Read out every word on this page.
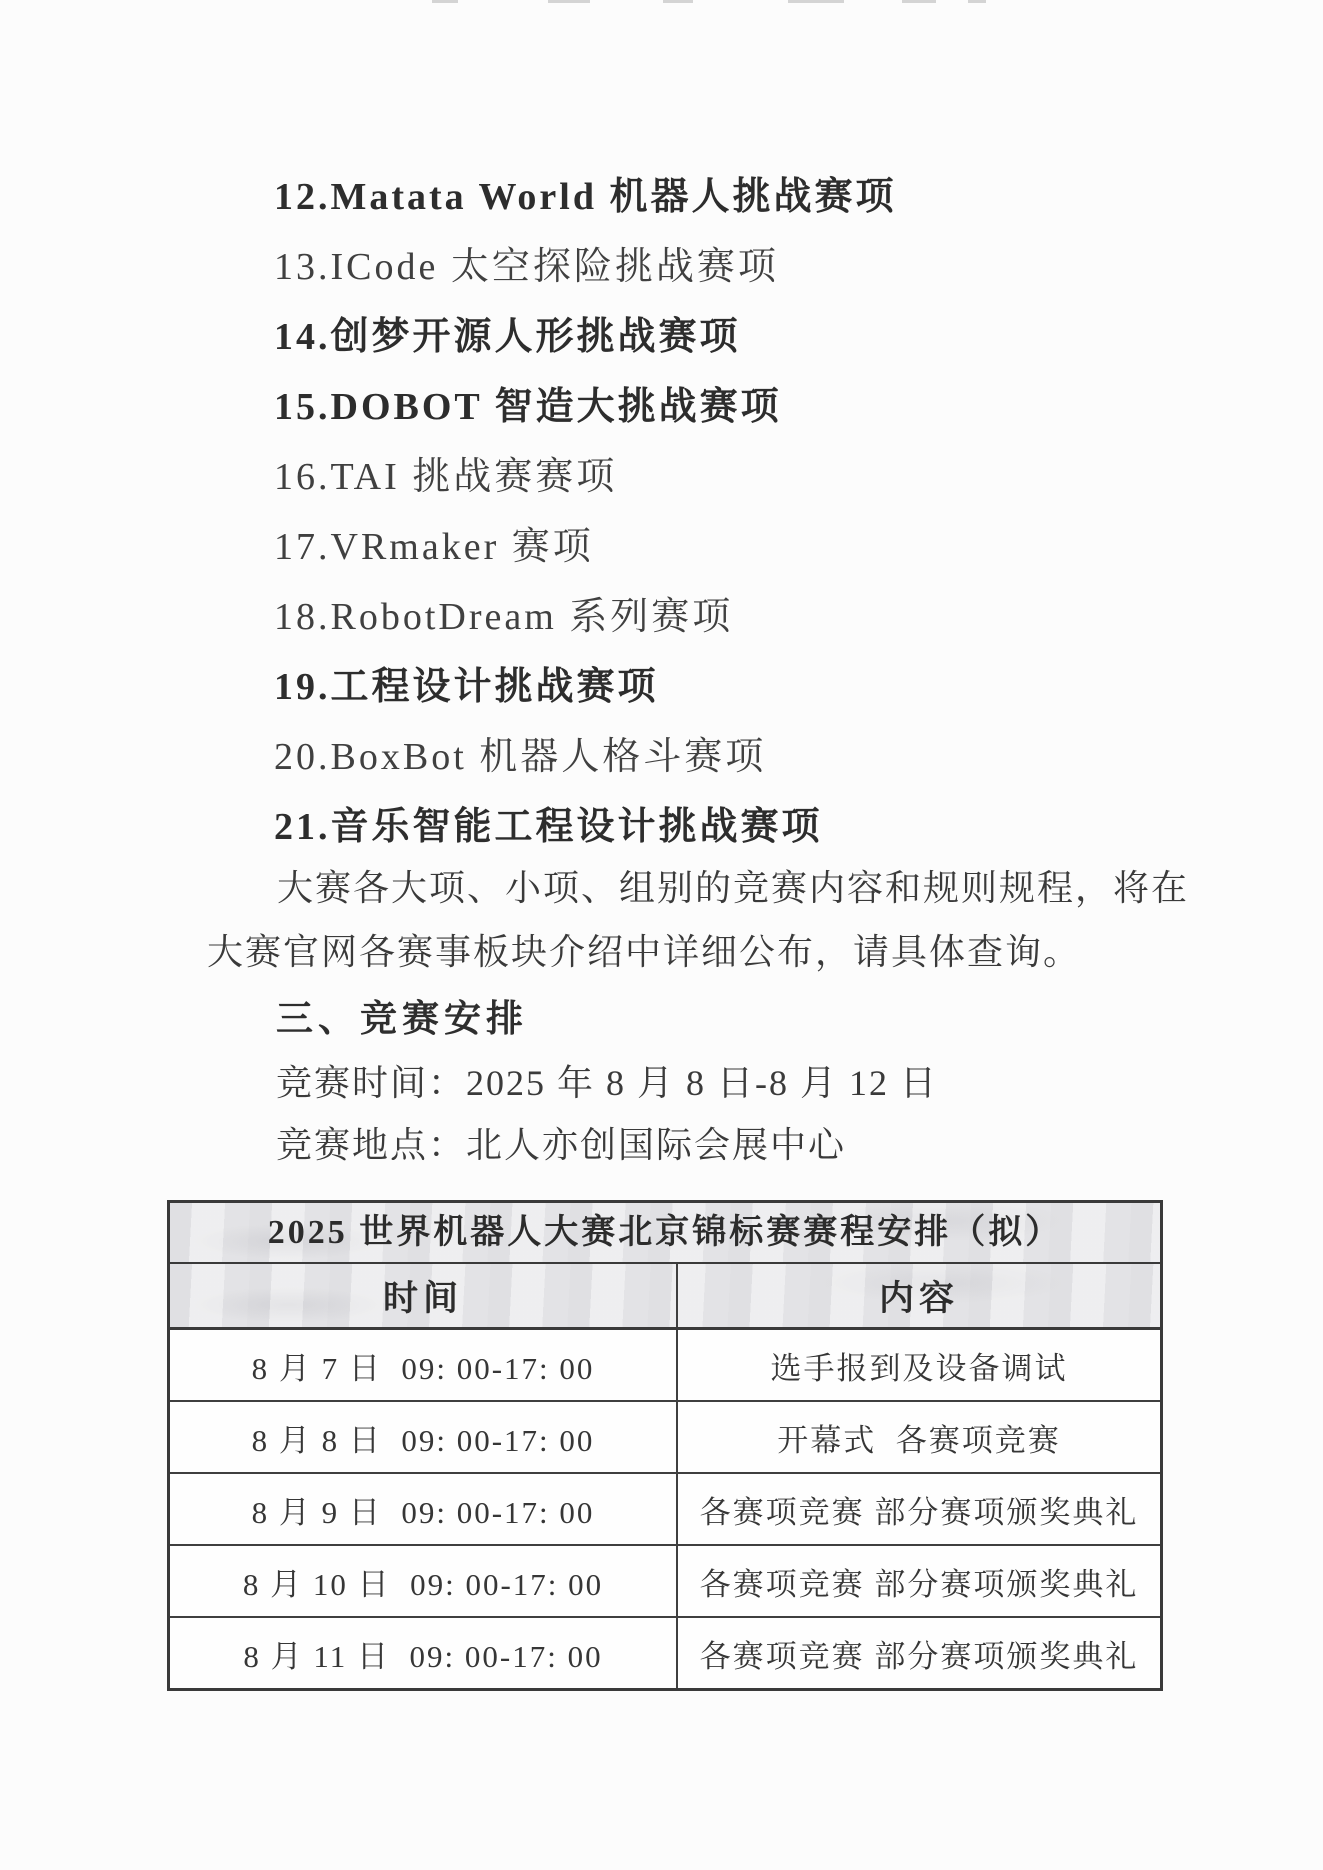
12.Matata World 机器人挑战赛项
13.ICode 太空探险挑战赛项
14.创梦开源人形挑战赛项
15.DOBOT 智造大挑战赛项
16.TAI 挑战赛赛项
17.VRmaker 赛项
18.RobotDream 系列赛项
19.工程设计挑战赛项
20.BoxBot 机器人格斗赛项
21.音乐智能工程设计挑战赛项

大赛各大项、小项、组别的竞赛内容和规则规程，将在

大赛官网各赛事板块介绍中详细公布，请具体查询。

三、竞赛安排

竞赛时间：2025 年 8 月 8 日-8 月 12 日

竞赛地点：北人亦创国际会展中心

2025 世界机器人大赛北京锦标赛赛程安排（拟）
时间	内容
8 月 7 日  09: 00-17: 00	选手报到及设备调试
8 月 8 日  09: 00-17: 00	开幕式  各赛项竞赛
8 月 9 日  09: 00-17: 00	各赛项竞赛 部分赛项颁奖典礼
8 月 10 日  09: 00-17: 00	各赛项竞赛 部分赛项颁奖典礼
8 月 11 日  09: 00-17: 00	各赛项竞赛 部分赛项颁奖典礼
